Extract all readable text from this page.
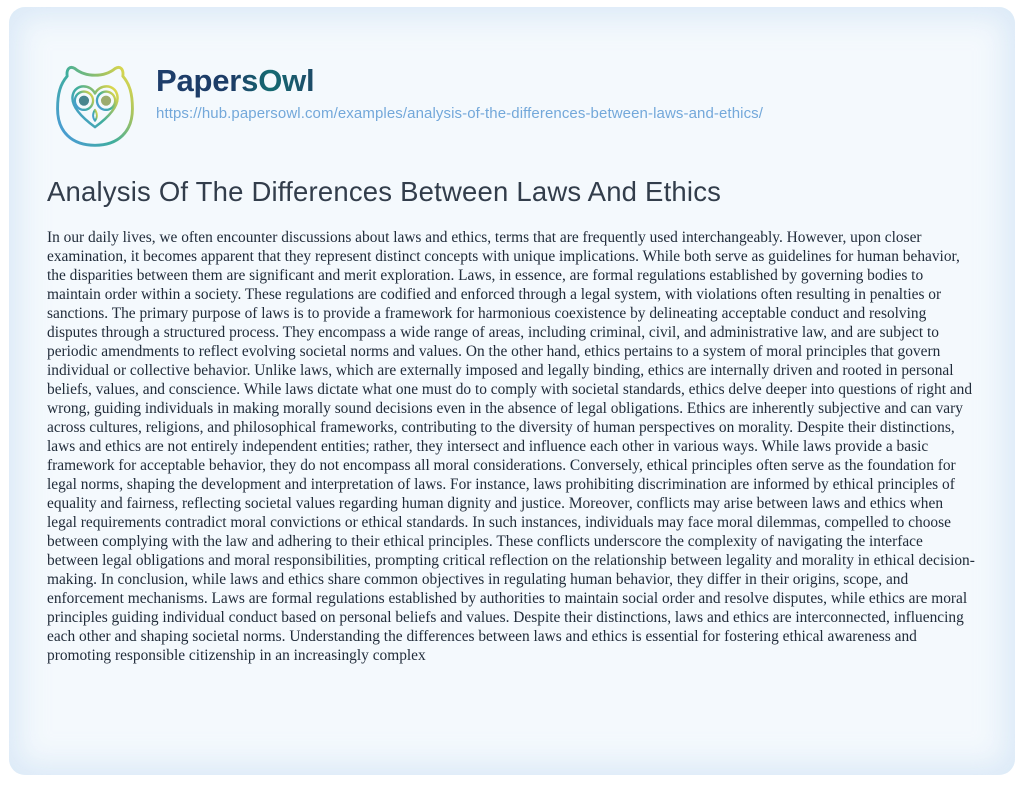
PapersOwl
https://hub.papersowl.com/examples/analysis-of-the-differences-between-laws-and-ethics/
Analysis Of The Differences Between Laws And Ethics

In our daily lives, we often encounter discussions about laws and ethics, terms that are frequently used interchangeably. However, upon closer examination, it becomes apparent that they represent distinct concepts with unique implications. While both serve as guidelines for human behavior, the disparities between them are significant and merit exploration. Laws, in essence, are formal regulations established by governing bodies to maintain order within a society. These regulations are codified and enforced through a legal system, with violations often resulting in penalties or sanctions. The primary purpose of laws is to provide a framework for harmonious coexistence by delineating acceptable conduct and resolving disputes through a structured process. They encompass a wide range of areas, including criminal, civil, and administrative law, and are subject to periodic amendments to reflect evolving societal norms and values. On the other hand, ethics pertains to a system of moral principles that govern individual or collective behavior. Unlike laws, which are externally imposed and legally binding, ethics are internally driven and rooted in personal beliefs, values, and conscience. While laws dictate what one must do to comply with societal standards, ethics delve deeper into questions of right and wrong, guiding individuals in making morally sound decisions even in the absence of legal obligations. Ethics are inherently subjective and can vary across cultures, religions, and philosophical frameworks, contributing to the diversity of human perspectives on morality. Despite their distinctions, laws and ethics are not entirely independent entities; rather, they intersect and influence each other in various ways. While laws provide a basic framework for acceptable behavior, they do not encompass all moral considerations. Conversely, ethical principles often serve as the foundation for legal norms, shaping the development and interpretation of laws. For instance, laws prohibiting discrimination are informed by ethical principles of equality and fairness, reflecting societal values regarding human dignity and justice. Moreover, conflicts may arise between laws and ethics when legal requirements contradict moral convictions or ethical standards. In such instances, individuals may face moral dilemmas, compelled to choose between complying with the law and adhering to their ethical principles. These conflicts underscore the complexity of navigating the interface between legal obligations and moral responsibilities, prompting critical reflection on the relationship between legality and morality in ethical decision-making. In conclusion, while laws and ethics share common objectives in regulating human behavior, they differ in their origins, scope, and enforcement mechanisms. Laws are formal regulations established by authorities to maintain social order and resolve disputes, while ethics are moral principles guiding individual conduct based on personal beliefs and values. Despite their distinctions, laws and ethics are interconnected, influencing each other and shaping societal norms. Understanding the differences between laws and ethics is essential for fostering ethical awareness and promoting responsible citizenship in an increasingly complex
